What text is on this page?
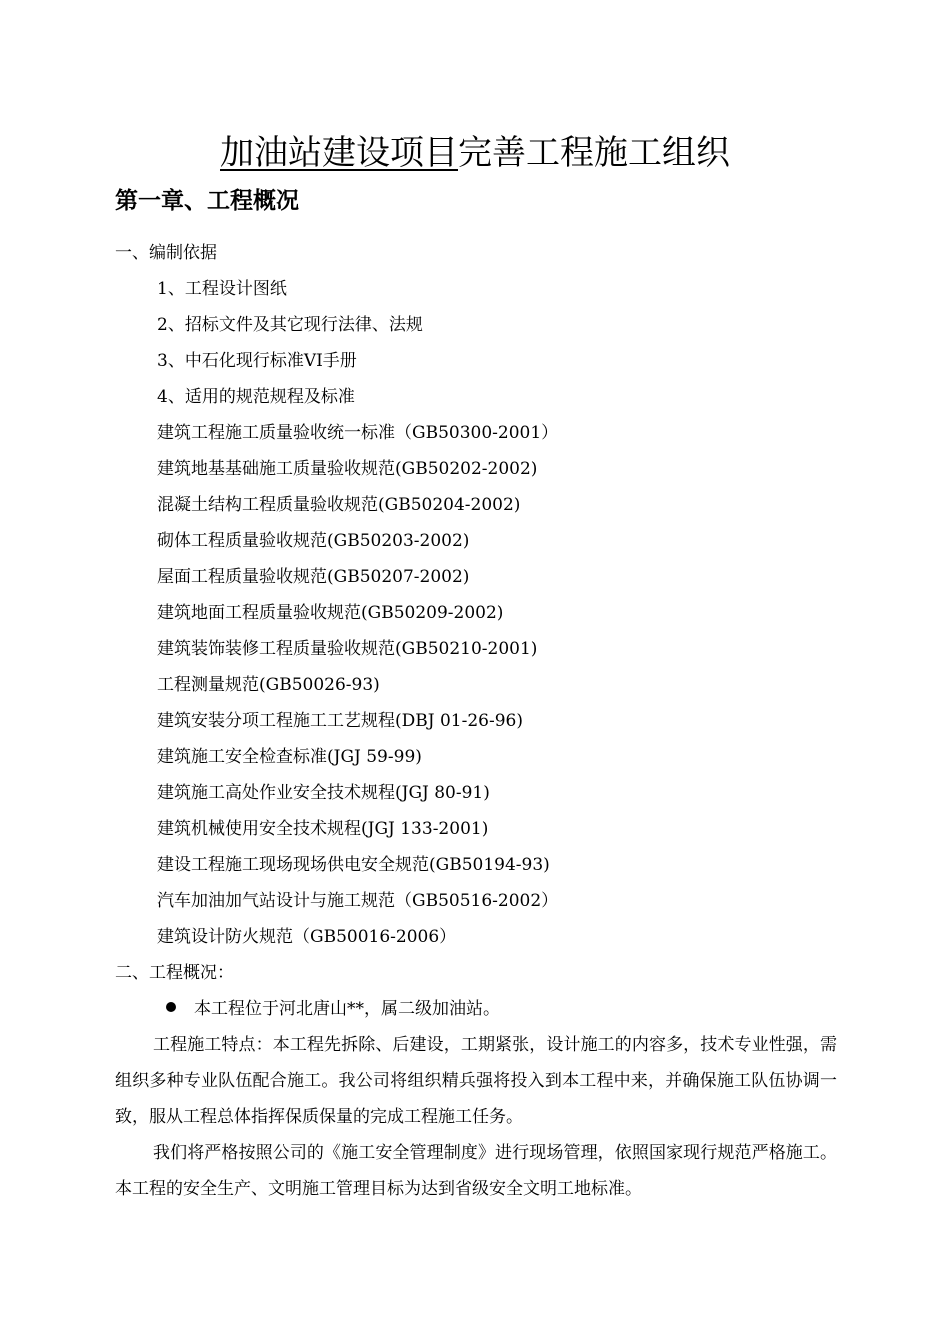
加油站建设项目完善工程施工组织
第一章、工程概况
一、编制依据
1、工程设计图纸
2、招标文件及其它现行法律、法规
3、中石化现行标准VI手册
4、适用的规范规程及标准
建筑工程施工质量验收统一标准（GB50300-2001）
建筑地基基础施工质量验收规范(GB50202-2002)
混凝土结构工程质量验收规范(GB50204-2002)
砌体工程质量验收规范(GB50203-2002)
屋面工程质量验收规范(GB50207-2002)
建筑地面工程质量验收规范(GB50209-2002)
建筑装饰装修工程质量验收规范(GB50210-2001)
工程测量规范(GB50026-93)
建筑安装分项工程施工工艺规程(DBJ 01-26-96)
建筑施工安全检查标准(JGJ 59-99)
建筑施工高处作业安全技术规程(JGJ 80-91)
建筑机械使用安全技术规程(JGJ 133-2001)
建设工程施工现场现场供电安全规范(GB50194-93)
汽车加油加气站设计与施工规范（GB50516-2002）
建筑设计防火规范（GB50016-2006）
二、工程概况：
本工程位于河北唐山**，属二级加油站。
工程施工特点：本工程先拆除、后建设，工期紧张，设计施工的内容多，技术专业性强，需组织多种专业队伍配合施工。我公司将组织精兵强将投入到本工程中来，并确保施工队伍协调一致，服从工程总体指挥保质保量的完成工程施工任务。
我们将严格按照公司的《施工安全管理制度》进行现场管理，依照国家现行规范严格施工。本工程的安全生产、文明施工管理目标为达到省级安全文明工地标准。
